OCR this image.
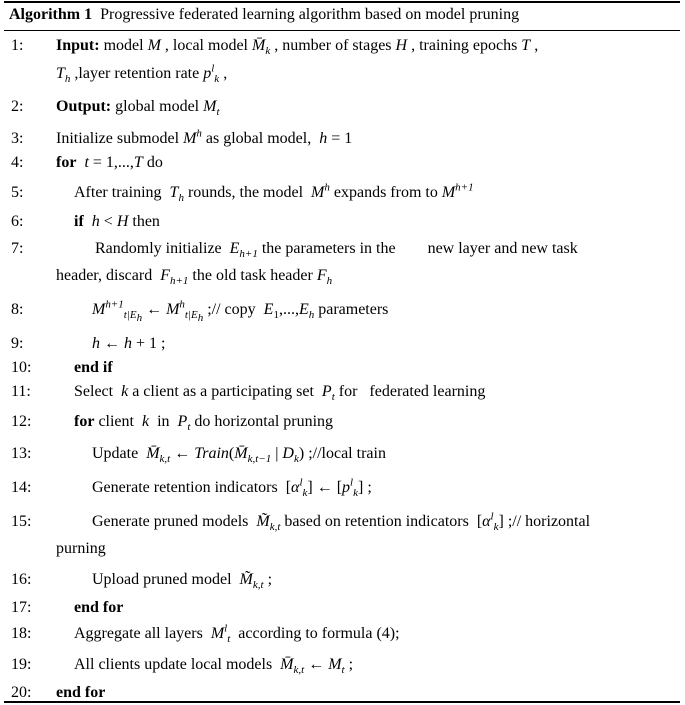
Algorithm 1 Progressive federated learning algorithm based on model pruning
1: Input: model M , local model $M̄_k$ , number of stages H , training epochs T ,
$T_h$ ,layer retention rate $p^l_k$ ,
2: Output: global model $M_t$
3: Initialize submodel $M^h$ as global model,  h = 1
4: for t = 1,...,T do
5:	After training  $T_h$ rounds, the model  $M^h$ expands from to $M^{h+1}$
6:	if h < H then
7:	Randomly initialize  $E_{h+1}$ the parameters in the        new layer and new task
header, discard  $F_{h+1}$ the old task header $F_h$
8:	$M^{h+1}_{t|E_h}$ ← $M^h_{t|E_h}$ ;// copy  $E_1,...,E_h$ parameters
9:	h ← h + 1 ;
10:	end if
11:	Select  k a client as a participating set  $P_t$ for   federated learning
12:	for client  k  in  $P_t$ do horizontal pruning
13:	Update  $M̄_{k,t}$ ← $Train(M̄_{k,t-1}$ | $D_k$) ;//local train
14:	Generate retention indicators  $[\alpha^l_k]$ ← $[p^l_k]$ ;
15:	Generate pruned models  $M̃_{k,t}$ based on retention indicators  $[\alpha^l_k]$ ;// horizontal
purning
16:	Upload pruned model  $M̃_{k,t}$ ;
17:	end for
18:	Aggregate all layers  $M^l_t$  according to formula (4);
19:	All clients update local models  $M̄_{k,t}$ ← $M_t$ ;
20: end for
